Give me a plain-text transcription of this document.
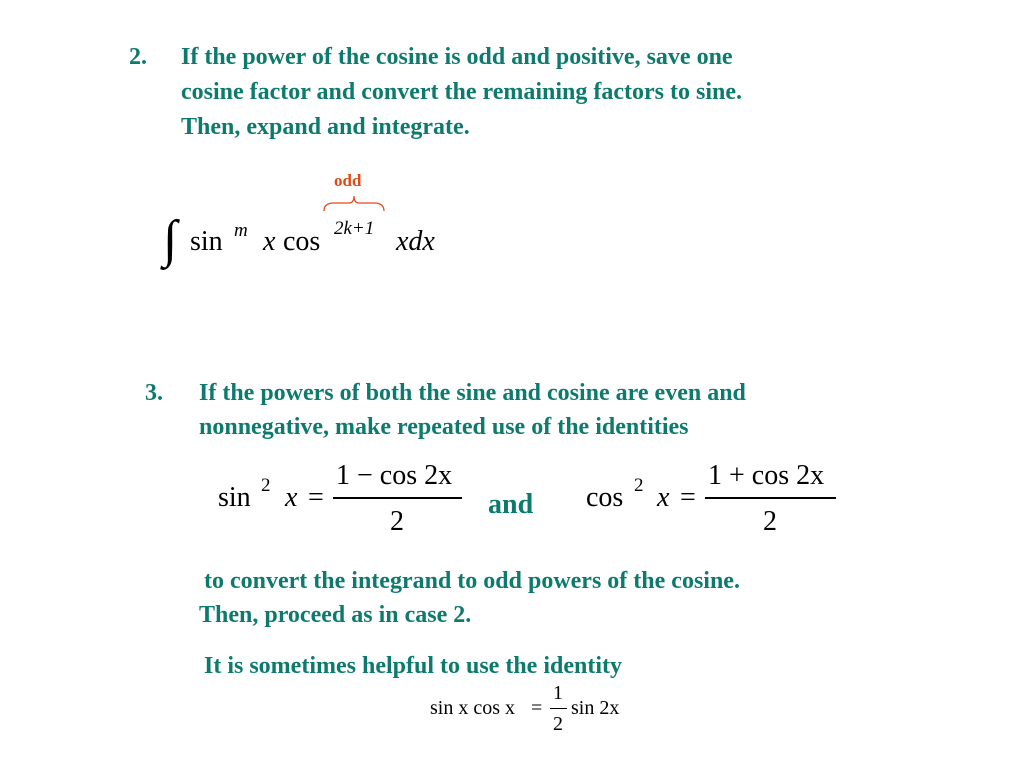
2. If the power of the cosine is odd and positive, save one
cosine factor and convert the remaining factors to sine.
Then, expand and integrate.
odd
∫ sin m x cos 2k+1 xdx
3. If the powers of both the sine and cosine are even and
nonnegative, make repeated use of the identities
sin 2 x =
1 − cos 2x
2
and cos 2 x =
1 + cos 2x
2
to convert the integrand to odd powers of the cosine.
Then, proceed as in case 2.
It is sometimes helpful to use the identity
sin x cos x =
1
2
sin 2x
